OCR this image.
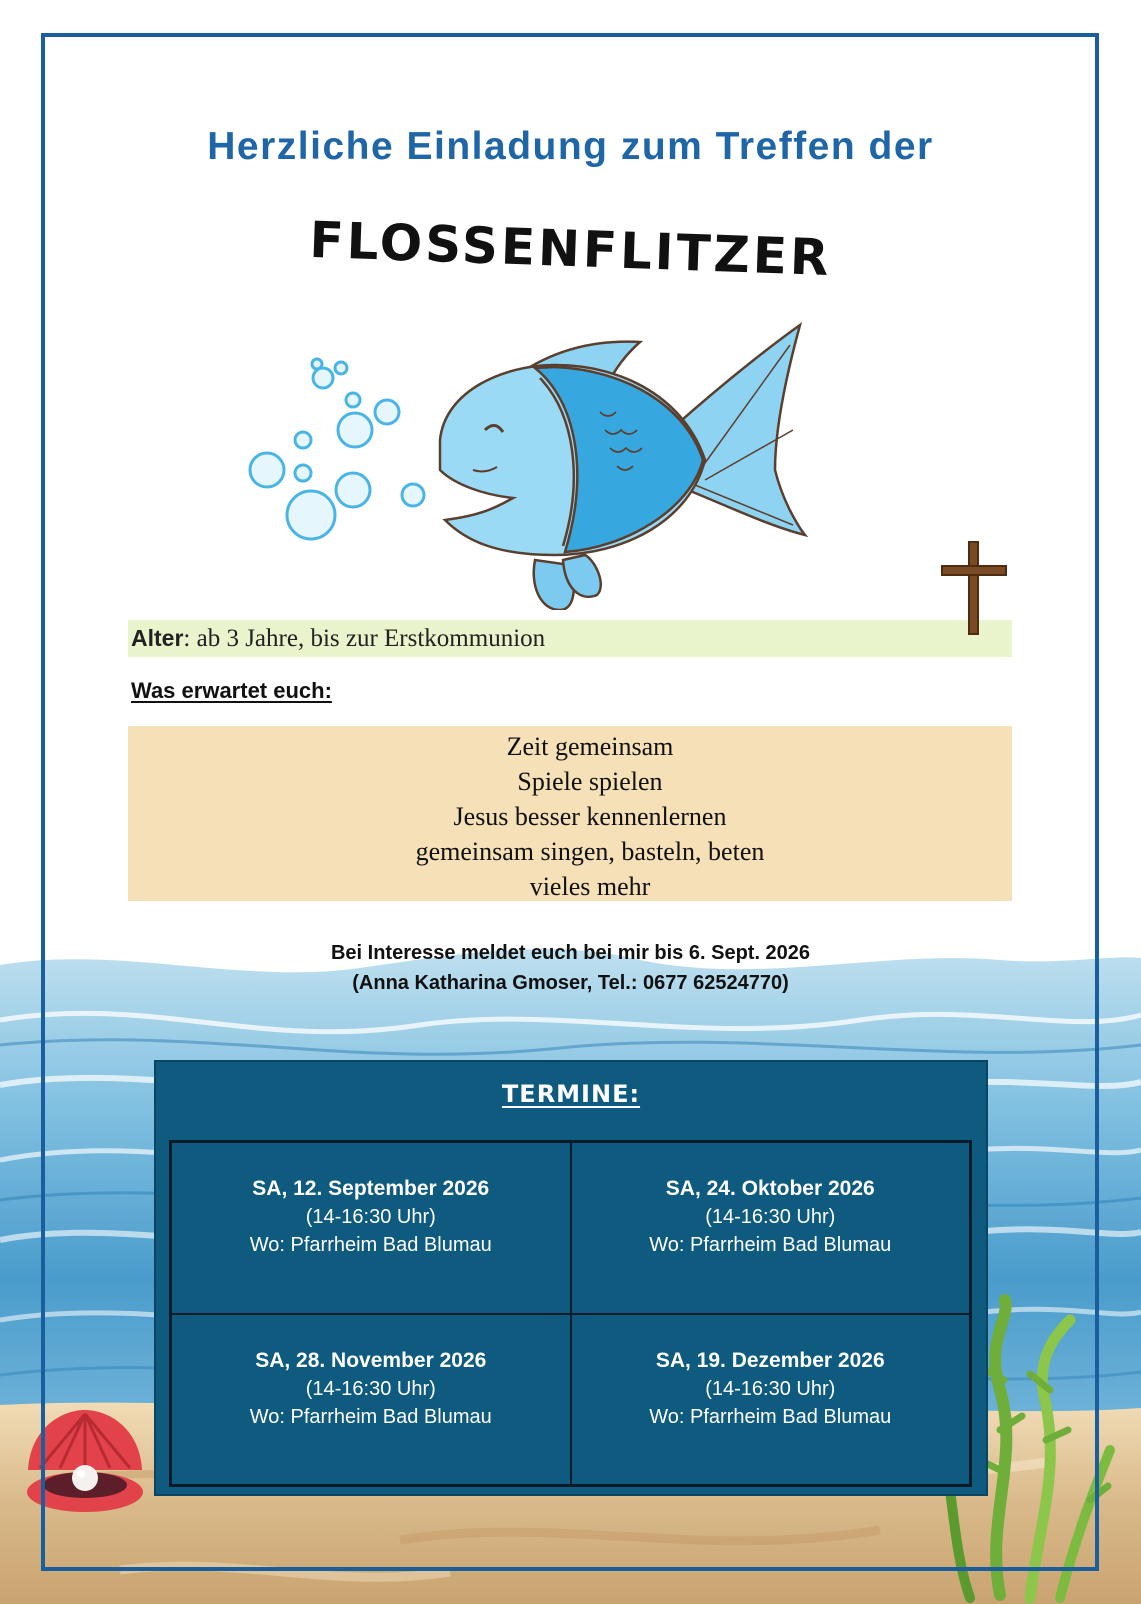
Herzliche Einladung zum Treffen der
FLOSSENFLITZER
Alter : ab 3 Jahre, bis zur Erstkommunion
Was erwartet euch:
Zeit gemeinsam
Spiele spielen
Jesus besser kennenlernen
gemeinsam singen, basteln, beten
vieles mehr
Bei Interesse meldet euch bei mir bis 6. Sept. 2026
(Anna Katharina Gmoser, Tel.: 0677 62524770)
TERMINE:
SA, 12. September 2026
(14-16:30 Uhr)
Wo: Pfarrheim Bad Blumau
SA, 24. Oktober 2026
(14-16:30 Uhr)
Wo: Pfarrheim Bad Blumau
SA, 28. November 2026
(14-16:30 Uhr)
Wo: Pfarrheim Bad Blumau
SA, 19. Dezember 2026
(14-16:30 Uhr)
Wo: Pfarrheim Bad Blumau
